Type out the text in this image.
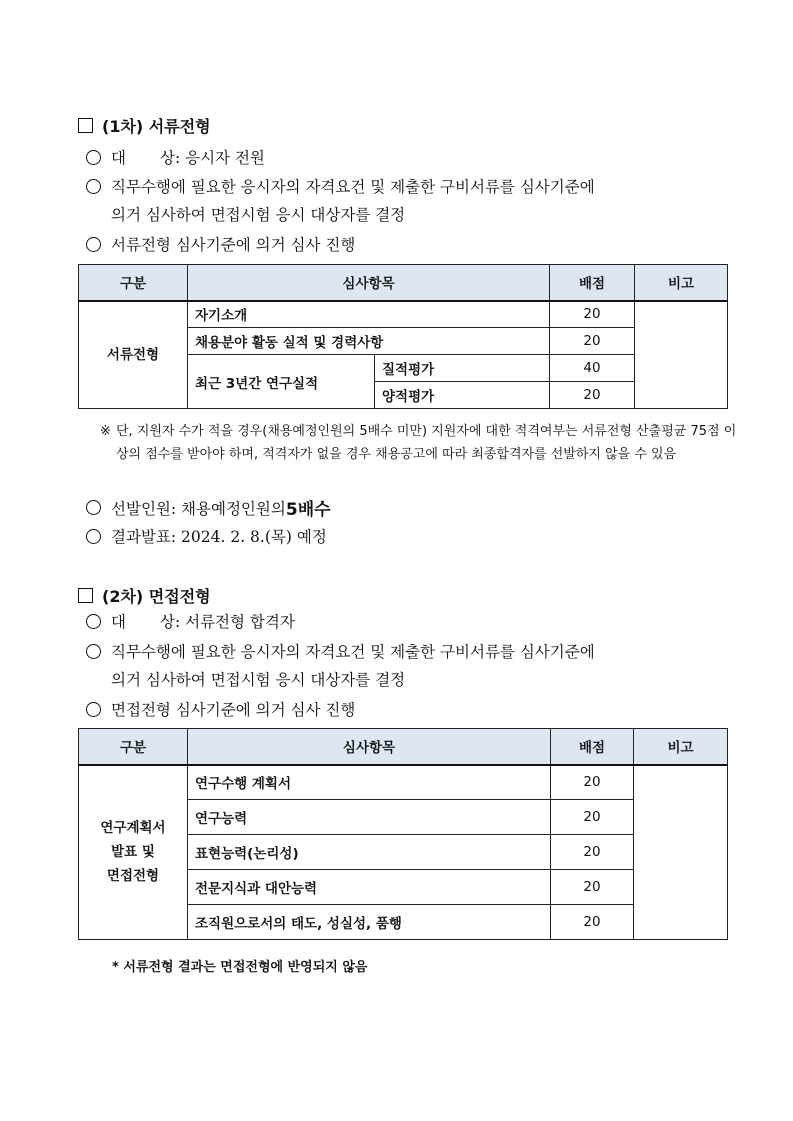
(1차) 서류전형
대 상: 응시자 전원
직무수행에 필요한 응시자의 자격요건 및 제출한 구비서류를 심사기준에
의거 심사하여 면접시험 응시 대상자를 결정
서류전형 심사기준에 의거 심사 진행
구분	심사항목		배점	비고
서류전형	자기소개		20	
	채용분야 활동 실적 및 경력사항		20	
	최근 3년간 연구실적	질적평가	40	
		양적평가	20	
※ 단, 지원자 수가 적을 경우(채용예정인원의 5배수 미만) 지원자에 대한 적격여부는 서류전형 산출평균 75점 이상의 점수를 받아야 하며, 적격자가 없을 경우 채용공고에 따라 최종합격자를 선발하지 않을 수 있음
선발인원: 채용예정인원의 5배수
결과발표: 2024. 2. 8.(목) 예정
(2차) 면접전형
대 상: 서류전형 합격자
직무수행에 필요한 응시자의 자격요건 및 제출한 구비서류를 심사기준에
의거 심사하여 면접시험 응시 대상자를 결정
면접전형 심사기준에 의거 심사 진행
구분	심사항목	배점	비고

연구계획서
발표 및
면접전형	연구수행 계획서	20	
	연구능력	20	
	표현능력(논리성)	20	
	전문지식과 대안능력	20	
	조직원으로서의 태도, 성실성, 품행	20	
* 서류전형 결과는 면접전형에 반영되지 않음
